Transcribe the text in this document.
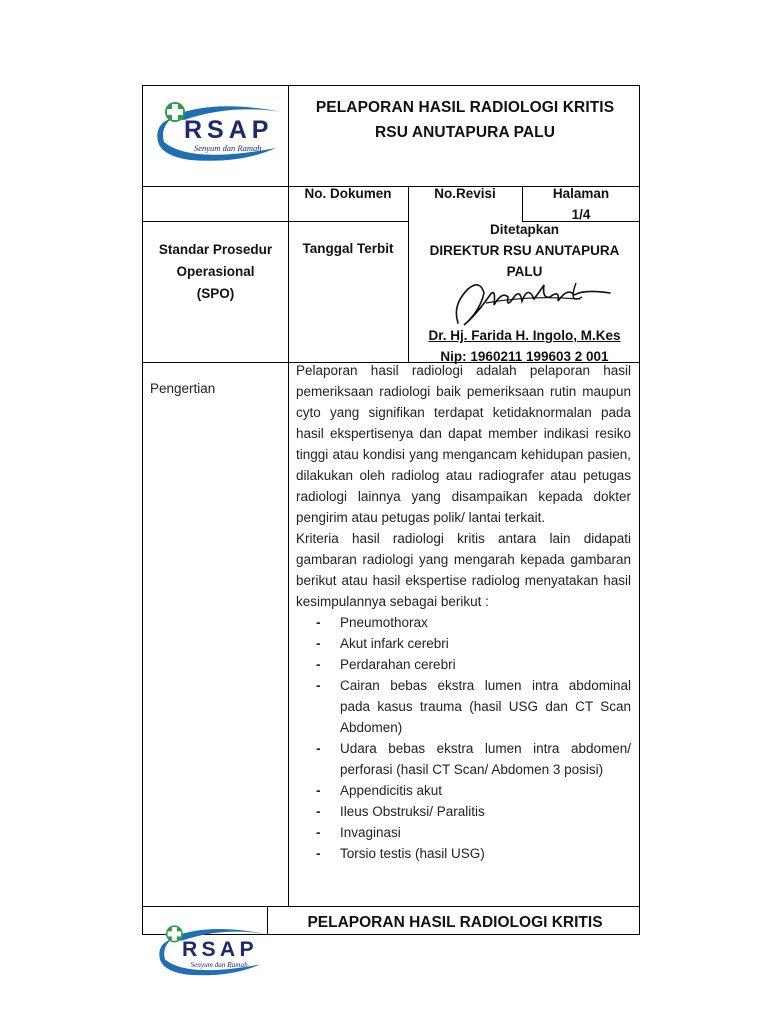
RSAP
Senyum dan Ramah
PELAPORAN HASIL RADIOLOGI KRITIS
RSU ANUTAPURA PALU
No. Dokumen	No.Revisi	Halaman
1/4
Standar Prosedur
Operasional
(SPO)
Tanggal Terbit
Ditetapkan
DIREKTUR RSU ANUTAPURA
PALU
Dr. Hj. Farida H. Ingolo, M.Kes
Nip: 1960211 199603 2 001
Pengertian

Pelaporan hasil radiologi adalah pelaporan hasil pemeriksaan radiologi baik pemeriksaan rutin maupun cyto yang signifikan terdapat ketidaknormalan pada hasil ekspertisenya dan dapat member indikasi resiko tinggi atau kondisi yang mengancam kehidupan pasien, dilakukan oleh radiolog atau radiografer atau petugas radiologi lainnya yang disampaikan kepada dokter pengirim atau petugas polik/ lantai terkait.

Kriteria hasil radiologi kritis antara lain didapati gambaran radiologi yang mengarah kepada gambaran berikut atau hasil ekspertise radiolog menyatakan hasil kesimpulannya sebagai berikut :

- Pneumothorax
- Akut infark cerebri
- Perdarahan cerebri
- Cairan bebas ekstra lumen intra abdominal pada kasus trauma (hasil USG dan CT Scan Abdomen)
- Udara bebas ekstra lumen intra abdomen/ perforasi (hasil CT Scan/ Abdomen 3 posisi)
- Appendicitis akut
- Ileus Obstruksi/ Paralitis
- Invaginasi
- Torsio testis (hasil USG)
PELAPORAN HASIL RADIOLOGI KRITIS
RSAP
Senyum dan Ramah
